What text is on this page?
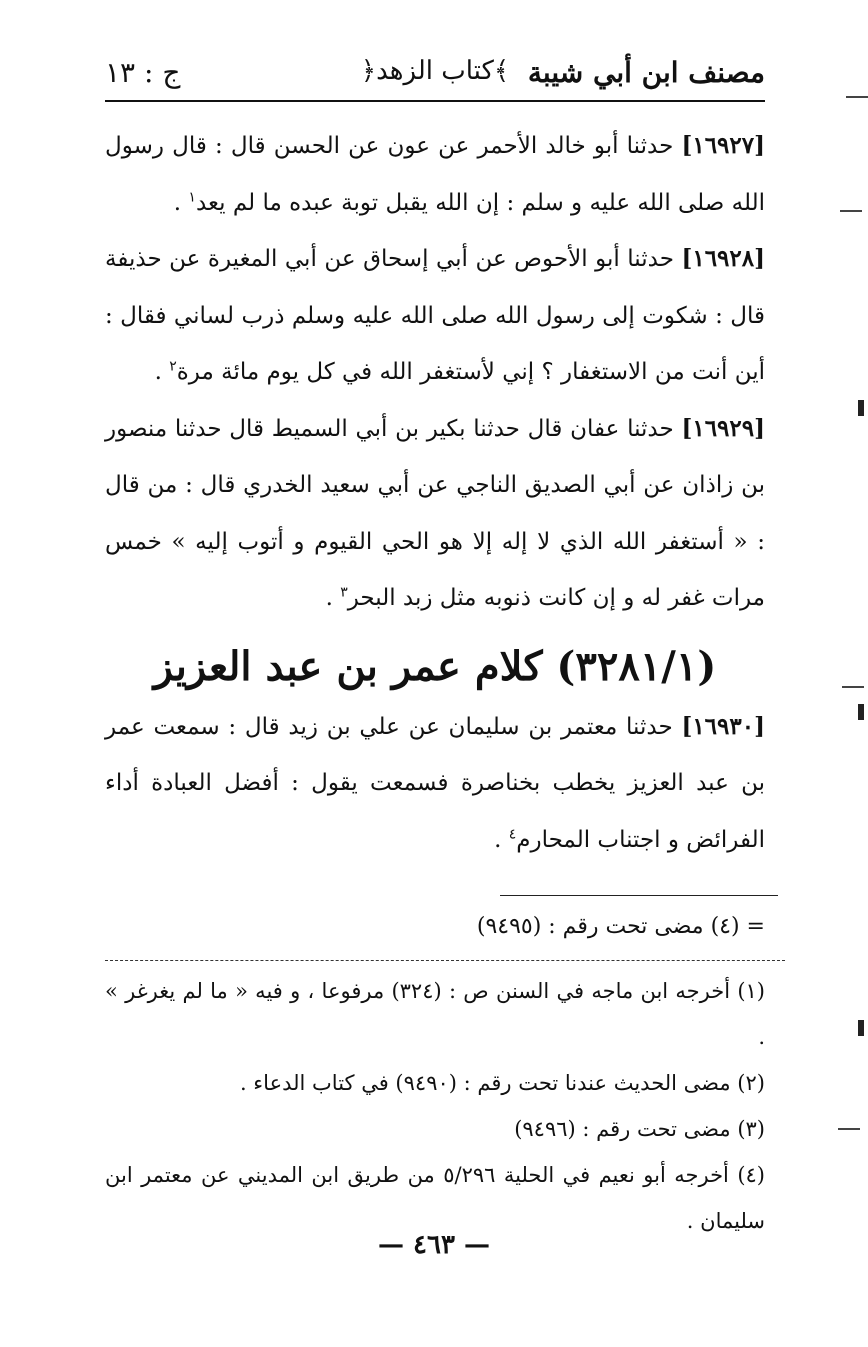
مصنف ابن أبي شيبة
﴿كتاب الزهد﴾
ج : ١٣

[١٦٩٢٧] حدثنا أبو خالد الأحمر عن عون عن الحسن قال : قال رسول الله صلى الله عليه و سلم : إن الله يقبل توبة عبده ما لم يعد$^١$ .

[١٦٩٢٨] حدثنا أبو الأحوص عن أبي إسحاق عن أبي المغيرة عن حذيفة قال : شكوت إلى رسول الله صلى الله عليه وسلم ذرب لساني فقال : أين أنت من الاستغفار ؟ إني لأستغفر الله في كل يوم مائة مرة$^٢$ .

[١٦٩٢٩] حدثنا عفان قال حدثنا بكير بن أبي السميط قال حدثنا منصور بن زاذان عن أبي الصديق الناجي عن أبي سعيد الخدري قال : من قال : « أستغفر الله الذي لا إله إلا هو الحي القيوم و أتوب إليه » خمس مرات غفر له و إن كانت ذنوبه مثل زبد البحر$^٣$ .

(٣٢٨١/١) كلام عمر بن عبد العزيز

[١٦٩٣٠] حدثنا معتمر بن سليمان عن علي بن زيد قال : سمعت عمر بن عبد العزيز يخطب بخناصرة فسمعت يقول : أفضل العبادة أداء الفرائض و اجتناب المحارم$^٤$ .

= (٤) مضى تحت رقم : (٩٤٩٥)

(١) أخرجه ابن ماجه في السنن ص : (٣٢٤) مرفوعا ، و فيه « ما لم يغرغر » .

(٢) مضى الحديث عندنا تحت رقم : (٩٤٩٠) في كتاب الدعاء .

(٣) مضى تحت رقم : (٩٤٩٦)

(٤) أخرجه أبو نعيم في الحلية ٥/٢٩٦ من طريق ابن المديني عن معتمر ابن سليمان .

— ٤٦٣ —
